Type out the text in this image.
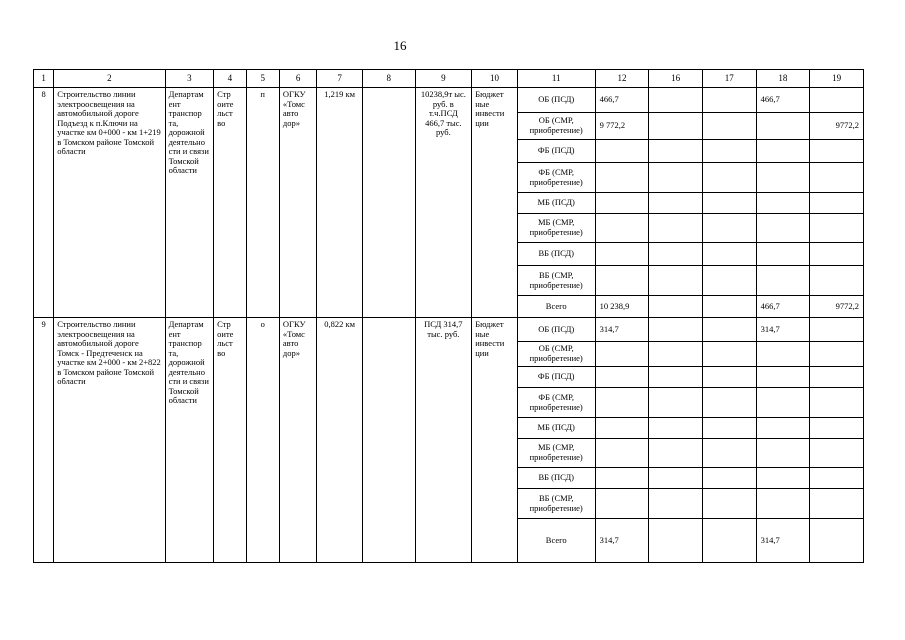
16
1	2	3	4	5	6	7	8	9	10	11	12	16	17	18	19
8	Строительство линии электроосвещения на автомобильной дороге Подъезд к п.Ключи на участке км 0+000 - км 1+219 в Томском районе Томской области	Департам ент транспор та, дорожной деятельно сти и связи Томской области	Стр оите льст во	п	ОГКУ «Томс авто дор»	1,219 км		10238,9т ыс. руб. в т.ч.ПСД 466,7 тыс. руб.	Бюджет ные инвести ции	ОБ (ПСД)	466,7			466,7	
										ОБ (СМР, приобретение)	9 772,2				9772,2
										ФБ (ПСД)					
										ФБ (СМР, приобретение)					
										МБ (ПСД)					
										МБ (СМР, приобретение)					
										ВБ (ПСД)					
										ВБ (СМР, приобретение)					
										Всего	10 238,9			466,7	9772,2
9	Строительство линии электроосвещения на автомобильной дороге Томск - Предтеченск на участке км 2+000 - км 2+822 в Томском районе Томской области	Департам ент транспор та, дорожной деятельно сти и связи Томской области	Стр оите льст во	о	ОГКУ «Томс авто дор»	0,822 км		ПСД 314,7 тыс. руб.	Бюджет ные инвести ции	ОБ (ПСД)	314,7			314,7	
										ОБ (СМР, приобретение)					
										ФБ (ПСД)					
										ФБ (СМР, приобретение)					
										МБ (ПСД)					
										МБ (СМР, приобретение)					
										ВБ (ПСД)					
										ВБ (СМР, приобретение)					
										Всего	314,7			314,7	
